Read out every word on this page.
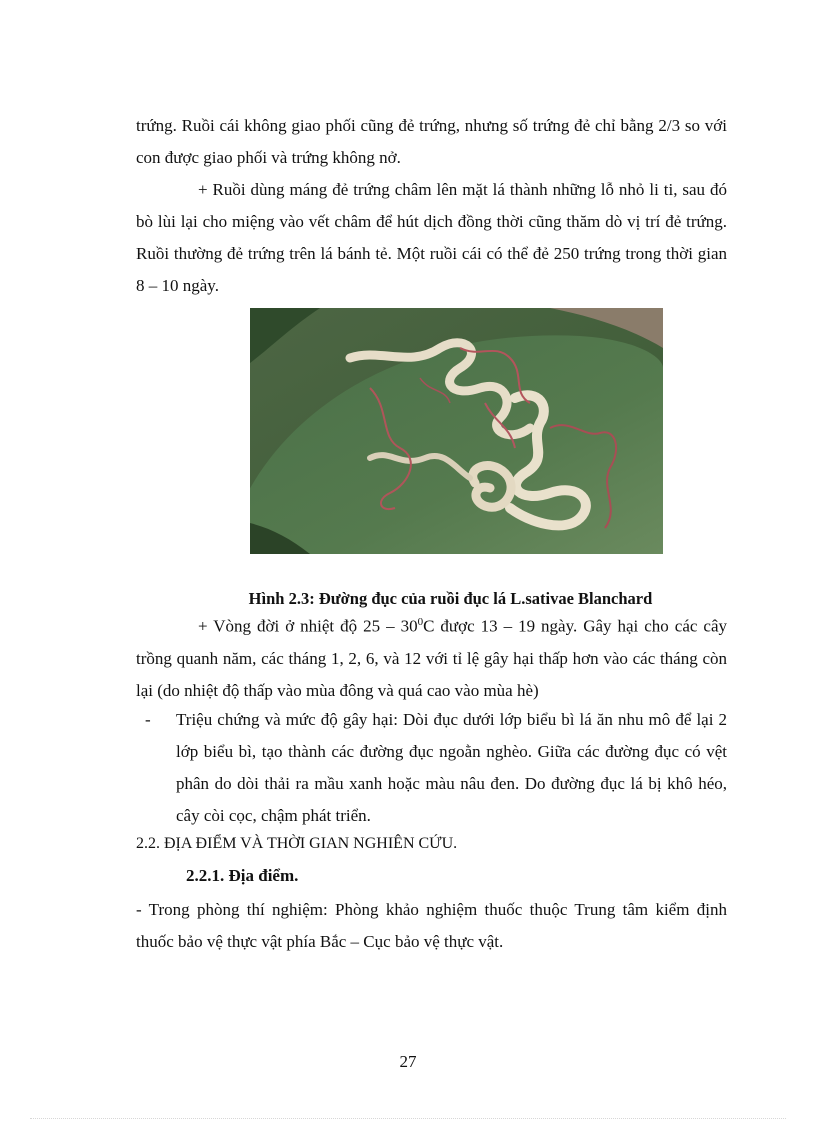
trứng. Ruồi cái không giao phối cũng đẻ trứng, nhưng số trứng đẻ chỉ bằng 2/3 so với con được giao phối và trứng không nở.

+ Ruồi dùng máng đẻ trứng châm lên mặt lá thành những lỗ nhỏ li ti, sau đó bò lùi lại cho miệng vào vết châm để hút dịch đồng thời cũng thăm dò vị trí đẻ trứng. Ruồi thường đẻ trứng trên lá bánh tẻ. Một ruồi cái có thể đẻ 250 trứng trong thời gian 8 – 10 ngày.

Hình 2.3: Đường đục của ruồi đục lá L.sativae Blanchard

+ Vòng đời ở nhiệt độ $25 - 30^0C$ được 13 – 19 ngày. Gây hại cho các cây trồng quanh năm, các tháng 1, 2, 6, và 12 với tỉ lệ gây hại thấp hơn vào các tháng còn lại (do nhiệt độ thấp vào mùa đông và quá cao vào mùa hè)

- Triệu chứng và mức độ gây hại: Dòi đục dưới lớp biểu bì lá ăn nhu mô để lại 2 lớp biểu bì, tạo thành các đường đục ngoằn nghèo. Giữa các đường đục có vệt phân do dòi thải ra mầu xanh hoặc màu nâu đen. Do đường đục lá bị khô héo, cây còi cọc, chậm phát triển.

2.2. ĐỊA ĐIỂM VÀ THỜI GIAN NGHIÊN CỨU.

2.2.1. Địa điểm.

- Trong phòng thí nghiệm: Phòng khảo nghiệm thuốc thuộc Trung tâm kiểm định thuốc bảo vệ thực vật phía Bắc – Cục bảo vệ thực vật.

27
